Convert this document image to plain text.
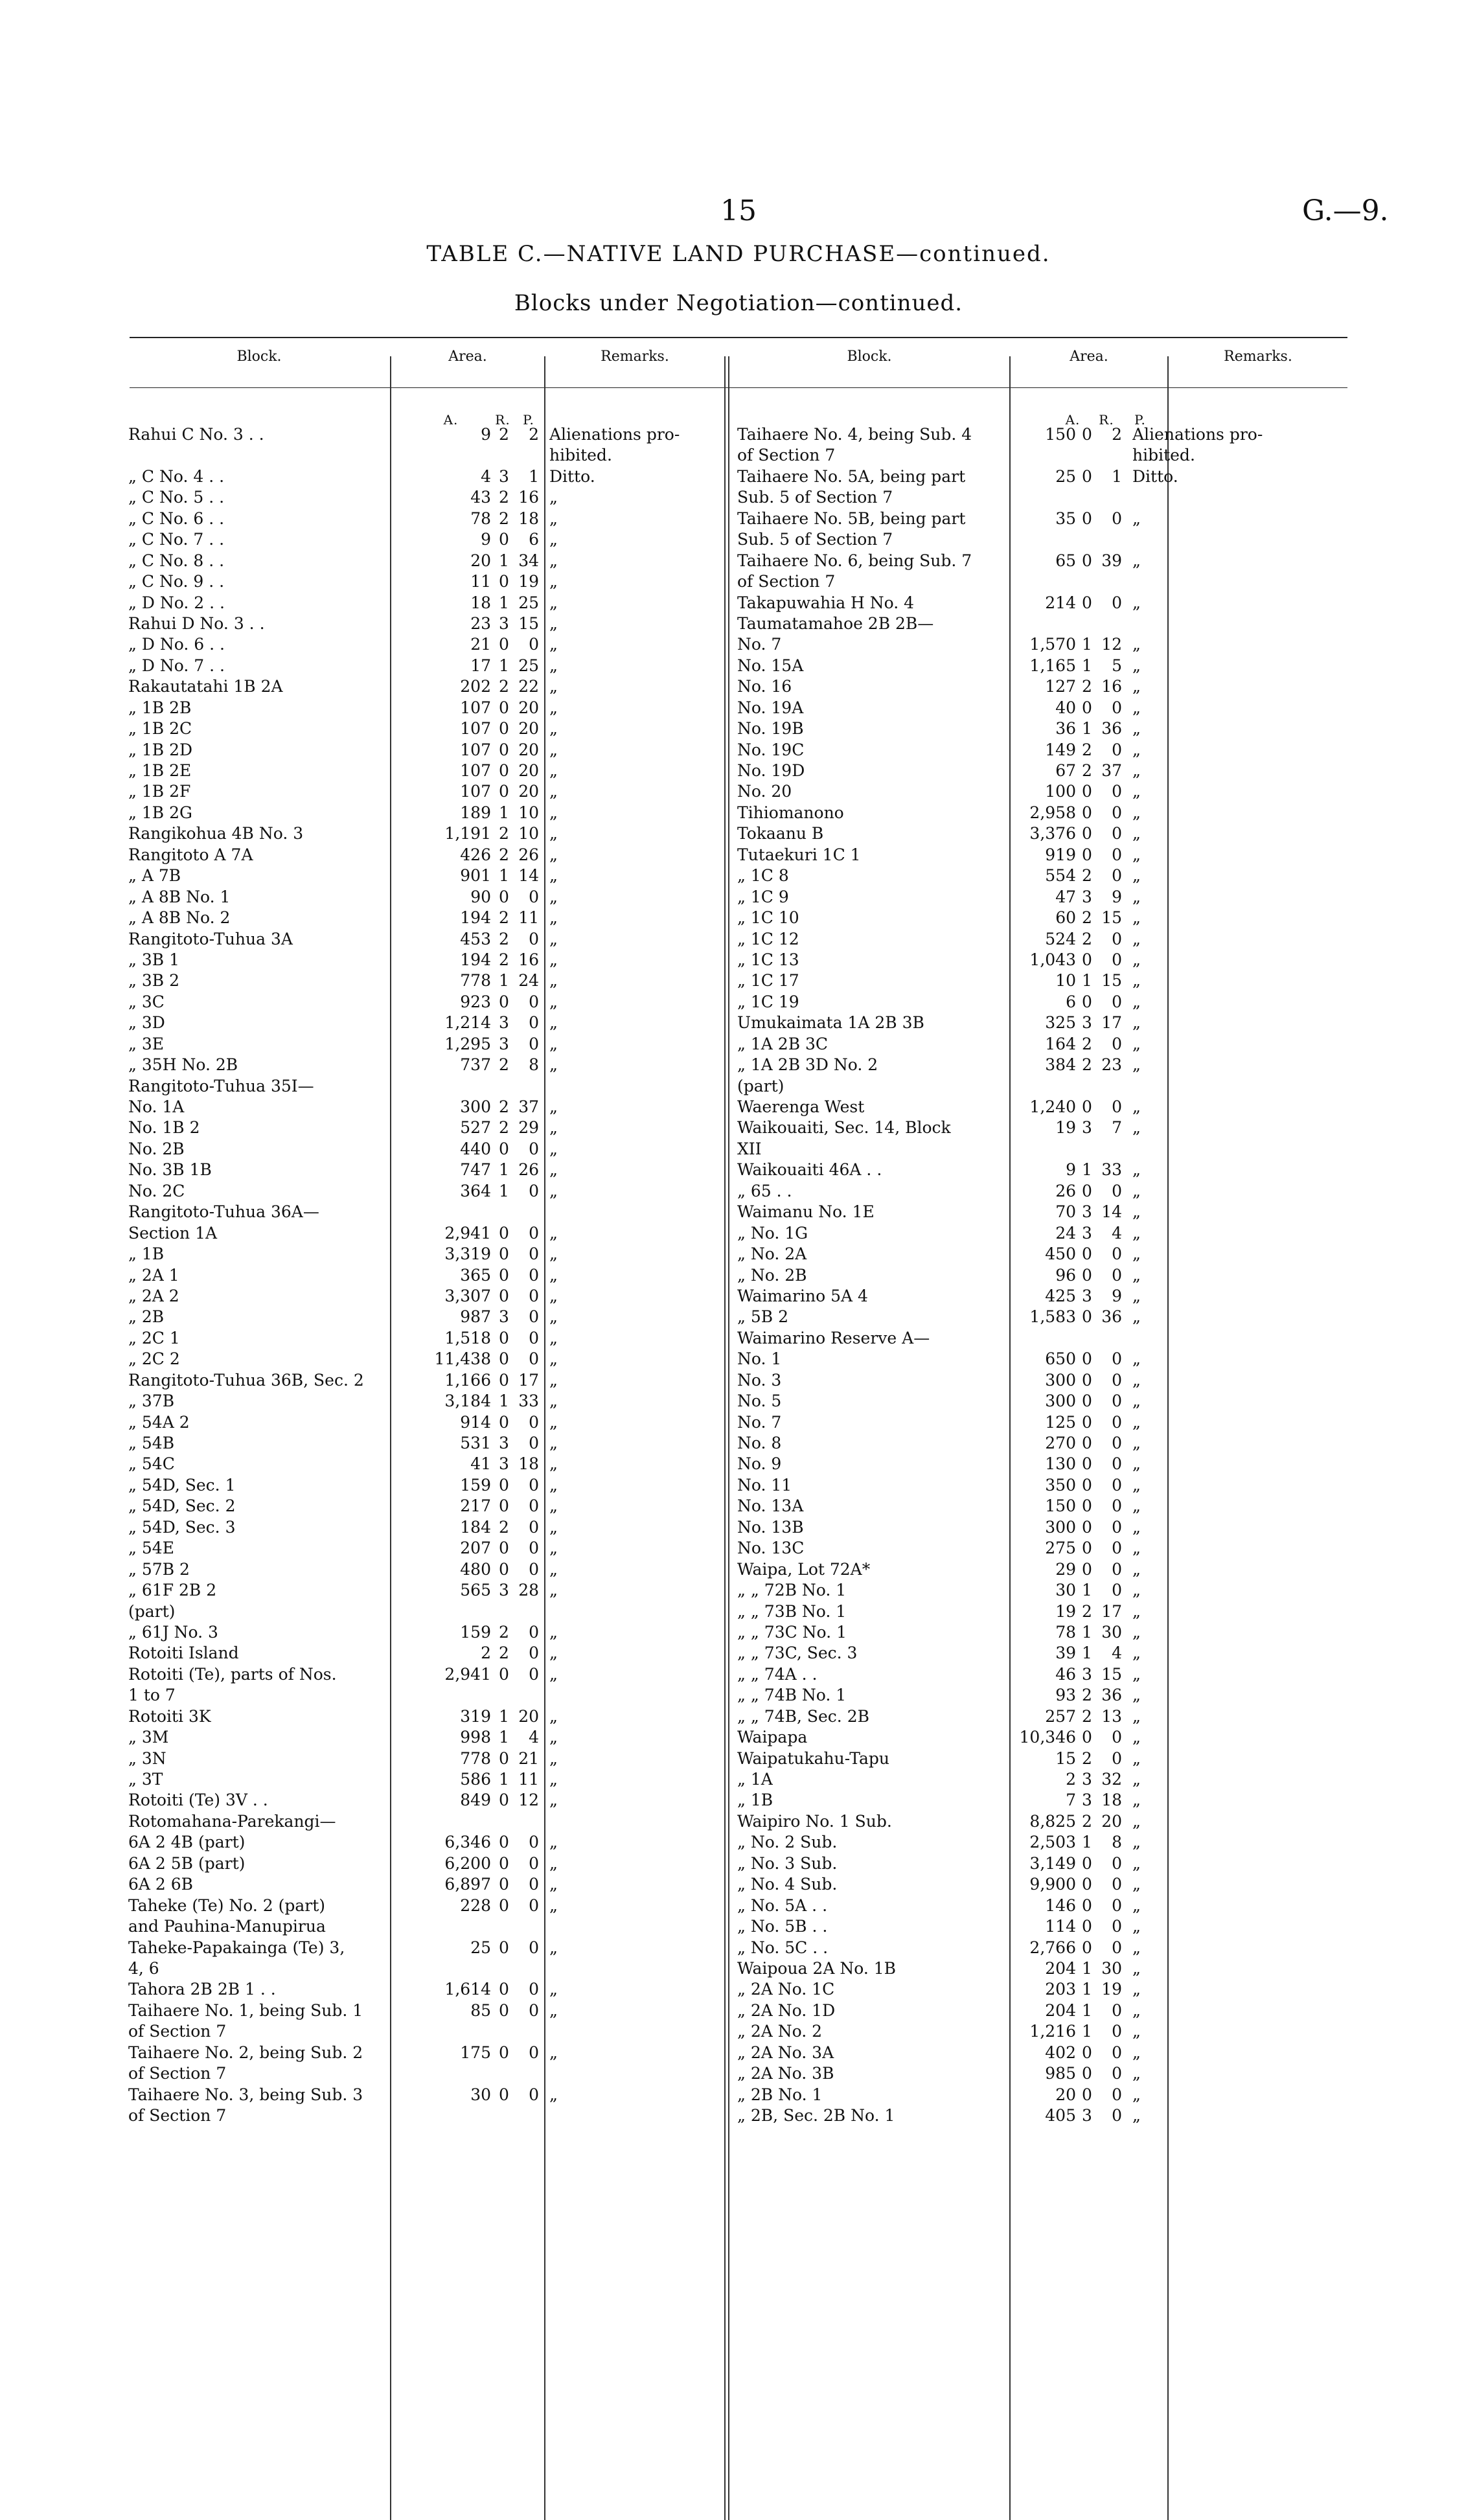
15	G.—9.
TABLE C.—NATIVE LAND PURCHASE—continued.
Blocks under Negotiation—continued.
Block.	Area.	Remarks.	Block.	Area.	Remarks.
A.	R. P.	A.	R.	P.
Rahui C No. 3 . .	9 2	2 Alienations pro-
hibited.
„ C No. 4 . .	4 3	1 Ditto.
„ C No. 5 . .	43 2 16 „
„ C No. 6 . .	78 2 18 „
„ C No. 7 . .	9 0	6 „
„ C No. 8 . .	20 1 34 „
„ C No. 9 . .	11 0 19 „
„ D No. 2 . .	18 1 25 „
Rahui D No. 3 . .	23 3 15 „
„ D No. 6 . .	21 0	0 „
„ D No. 7 . .	17 1 25 „
Rakautatahi 1B 2A	202 2 22 „
„ 1B 2B	107 0 20 „
„ 1B 2C	107 0 20 „
„ 1B 2D	107 0 20 „
„ 1B 2E	107 0 20 „
„ 1B 2F	107 0 20 „
„ 1B 2G	189 1 10 „
Rangikohua 4B No. 3	1,191 2 10 „
Rangitoto A 7A	426 2 26 „
„ A 7B	901 1 14 „
„ A 8B No. 1	90 0	0 „
„ A 8B No. 2	194 2 11 „
Rangitoto-Tuhua 3A	453 2	0 „
„ 3B 1	194 2 16 „
„ 3B 2	778 1 24 „
„ 3C	923 0	0 „
„ 3D	1,214 3	0 „
„ 3E	1,295 3	0 „
„ 35H No. 2B	737 2	8 „
Rangitoto-Tuhua 35I—
No. 1A	300 2 37 „
No. 1B 2	527 2 29 „
No. 2B	440 0	0 „
No. 3B 1B	747 1 26 „
No. 2C	364 1	0 „
Rangitoto-Tuhua 36A—
Section 1A	2,941 0	0 „
„ 1B	3,319 0	0 „
„ 2A 1	365 0	0 „
„ 2A 2	3,307 0	0 „
„ 2B	987 3	0 „
„ 2C 1	1,518 0	0 „
„ 2C 2	11,438 0	0 „
Rangitoto-Tuhua 36B, Sec. 2	1,166 0 17 „
„ 37B	3,184 1 33 „
„ 54A 2	914 0	0 „
„ 54B	531 3	0 „
„ 54C	41 3 18 „
„ 54D, Sec. 1	159 0	0 „
„ 54D, Sec. 2	217 0	0 „
„ 54D, Sec. 3	184 2	0 „
„ 54E	207 0	0 „
„ 57B 2	480 0	0 „
„ 61F 2B 2	565 3 28 „
(part)
„ 61J No. 3	159 2	0 „
Rotoiti Island	2 2	0 „
Rotoiti (Te), parts of Nos.	2,941 0	0 „
1 to 7
Rotoiti 3K	319 1 20 „
„ 3M	998 1	4 „
„ 3N	778 0 21 „
„ 3T	586 1 11 „
Rotoiti (Te) 3V . .	849 0 12 „
Rotomahana-Parekangi—
6A 2 4B (part)	6,346 0	0 „
6A 2 5B (part)	6,200 0	0 „
6A 2 6B	6,897 0	0 „
Taheke (Te) No. 2 (part)	228 0	0 „
and Pauhina-Manupirua
Taheke-Papakainga (Te) 3,	25 0	0 „
4, 6
Tahora 2B 2B 1 . .	1,614 0	0 „
Taihaere No. 1, being Sub. 1	85 0	0 „
of Section 7
Taihaere No. 2, being Sub. 2	175 0	0 „
of Section 7
Taihaere No. 3, being Sub. 3	30 0	0 „
of Section 7
Taihaere No. 4, being Sub. 4	150 0	2 Alienations pro-
of Section 7	hibited.
Taihaere No. 5A, being part	25 0	1 Ditto.
Sub. 5 of Section 7
Taihaere No. 5B, being part	35 0	0 „
Sub. 5 of Section 7
Taihaere No. 6, being Sub. 7	65 0 39 „
of Section 7
Takapuwahia H No. 4	214 0	0 „
Taumatamahoe 2B 2B—
No. 7	1,570 1 12 „
No. 15A	1,165 1	5 „
No. 16	127 2 16 „
No. 19A	40 0	0 „
No. 19B	36 1 36 „
No. 19C	149 2	0 „
No. 19D	67 2 37 „
No. 20	100 0	0 „
Tihiomanono	2,958 0	0 „
Tokaanu B	3,376 0	0 „
Tutaekuri 1C 1	919 0	0 „
„ 1C 8	554 2	0 „
„ 1C 9	47 3	9 „
„ 1C 10	60 2 15 „
„ 1C 12	524 2	0 „
„ 1C 13	1,043 0	0 „
„ 1C 17	10 1 15 „
„ 1C 19	6 0	0 „
Umukaimata 1A 2B 3B	325 3 17 „
„ 1A 2B 3C	164 2	0 „
„ 1A 2B 3D No. 2	384 2 23 „
(part)
Waerenga West	1,240 0	0 „
Waikouaiti, Sec. 14, Block	19 3	7 „
XII
Waikouaiti 46A . .	9 1 33 „
„ 65 . .	26 0	0 „
Waimanu No. 1E	70 3 14 „
„ No. 1G	24 3	4 „
„ No. 2A	450 0	0 „
„ No. 2B	96 0	0 „
Waimarino 5A 4	425 3	9 „
„ 5B 2	1,583 0 36 „
Waimarino Reserve A—
No. 1	650 0	0 „
No. 3	300 0	0 „
No. 5	300 0	0 „
No. 7	125 0	0 „
No. 8	270 0	0 „
No. 9	130 0	0 „
No. 11	350 0	0 „
No. 13A	150 0	0 „
No. 13B	300 0	0 „
No. 13C	275 0	0 „
Waipa, Lot 72A*	29 0	0 „
„ „ 72B No. 1	30 1	0 „
„ „ 73B No. 1	19 2 17 „
„ „ 73C No. 1	78 1 30 „
„ „ 73C, Sec. 3	39 1	4 „
„ „ 74A . .	46 3 15 „
„ „ 74B No. 1	93 2 36 „
„ „ 74B, Sec. 2B	257 2 13 „
Waipapa	10,346 0	0 „
Waipatukahu-Tapu	15 2	0 „
„ 1A	2 3 32 „
„ 1B	7 3 18 „
Waipiro No. 1 Sub.	8,825 2 20 „
„ No. 2 Sub.	2,503 1	8 „
„ No. 3 Sub.	3,149 0	0 „
„ No. 4 Sub.	9,900 0	0 „
„ No. 5A . .	146 0	0 „
„ No. 5B . .	114 0	0 „
„ No. 5C . .	2,766 0	0 „
Waipoua 2A No. 1B	204 1 30 „
„ 2A No. 1C	203 1 19 „
„ 2A No. 1D	204 1	0 „
„ 2A No. 2	1,216 1	0 „
„ 2A No. 3A	402 0	0 „
„ 2A No. 3B	985 0	0 „
„ 2B No. 1	20 0	0 „
„ 2B, Sec. 2B No. 1	405 3	0 „
